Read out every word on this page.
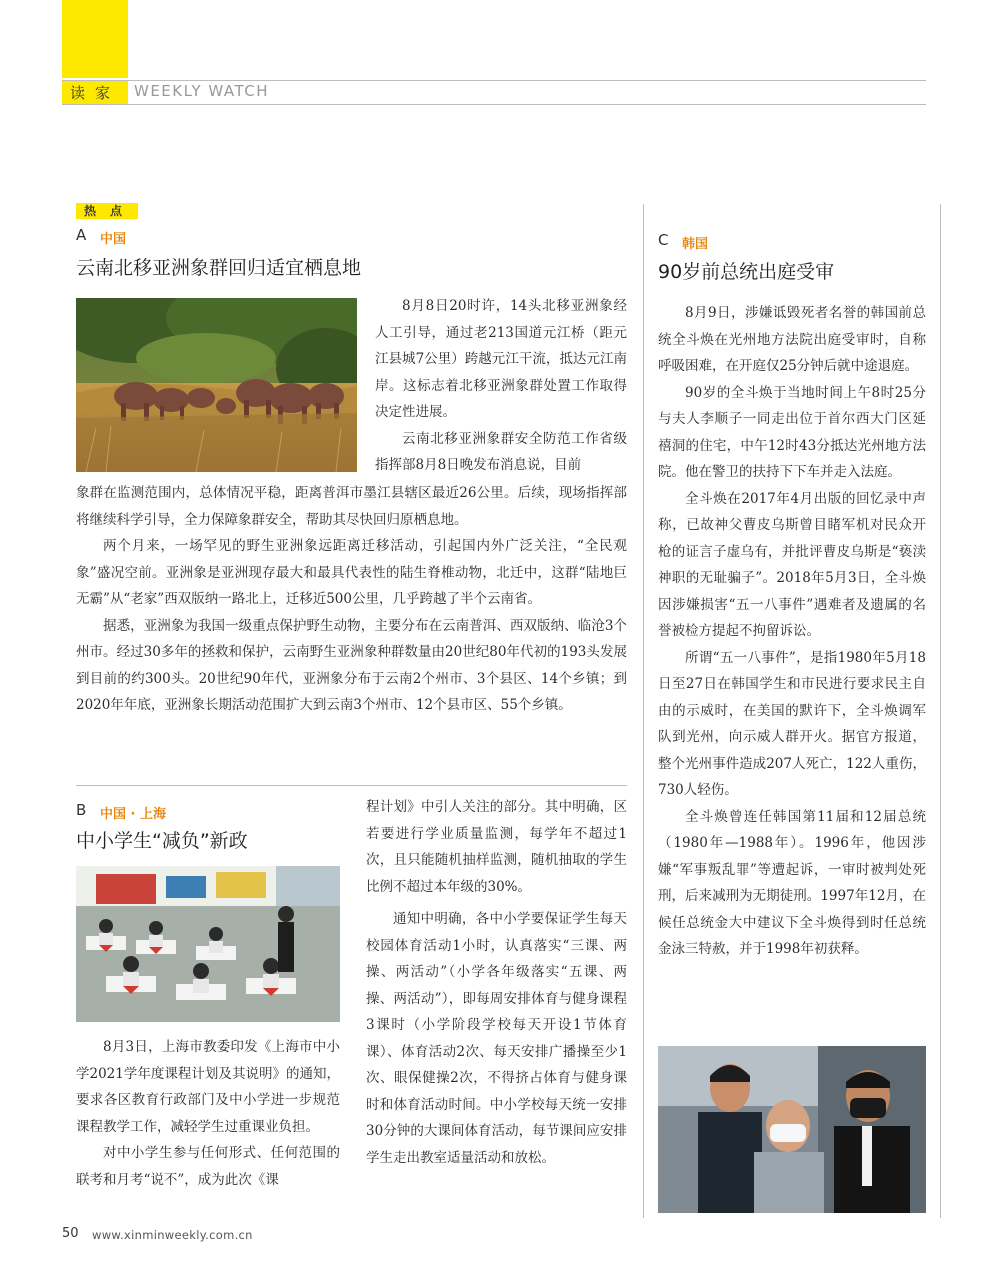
读家 WEEKLY WATCH
热点
A 中国
云南北移亚洲象群回归适宜栖息地

8月8日20时许，14头北移亚洲象经人工引导，通过老213国道元江桥（距元江县城7公里）跨越元江干流，抵达元江南岸。这标志着北移亚洲象群处置工作取得决定性进展。

云南北移亚洲象群安全防范工作省级指挥部8月8日晚发布消息说，目前

象群在监测范围内，总体情况平稳，距离普洱市墨江县辖区最近26公里。后续，现场指挥部将继续科学引导，全力保障象群安全，帮助其尽快回归原栖息地。

两个月来，一场罕见的野生亚洲象远距离迁移活动，引起国内外广泛关注，“全民观象”盛况空前。亚洲象是亚洲现存最大和最具代表性的陆生脊椎动物，北迁中，这群“陆地巨无霸”从“老家”西双版纳一路北上，迁移近500公里，几乎跨越了半个云南省。

据悉，亚洲象为我国一级重点保护野生动物，主要分布在云南普洱、西双版纳、临沧3个州市。经过30多年的拯救和保护，云南野生亚洲象种群数量由20世纪80年代初的193头发展到目前的约300头。20世纪90年代，亚洲象分布于云南2个州市、3个县区、14个乡镇；到2020年年底，亚洲象长期活动范围扩大到云南3个州市、12个县市区、55个乡镇。

B 中国 · 上海
中小学生“减负”新政

8月3日，上海市教委印发《上海市中小学2021学年度课程计划及其说明》的通知，要求各区教育行政部门及中小学进一步规范课程教学工作，减轻学生过重课业负担。

对中小学生参与任何形式、任何范围的联考和月考“说不”，成为此次《课

程计划》中引人关注的部分。其中明确，区若要进行学业质量监测，每学年不超过1次，且只能随机抽样监测，随机抽取的学生比例不超过本年级的30%。

通知中明确，各中小学要保证学生每天校园体育活动1小时，认真落实“三课、两操、两活动”（小学各年级落实“五课、两操、两活动”），即每周安排体育与健身课程3课时（小学阶段学校每天开设1节体育课）、体育活动2次、每天安排广播操至少1次、眼保健操2次，不得挤占体育与健身课时和体育活动时间。中小学校每天统一安排30分钟的大课间体育活动，每节课间应安排学生走出教室适量活动和放松。

C 韩国
90岁前总统出庭受审

8月9日，涉嫌诋毁死者名誉的韩国前总统全斗焕在光州地方法院出庭受审时，自称呼吸困难，在开庭仅25分钟后就中途退庭。

90岁的全斗焕于当地时间上午8时25分与夫人李顺子一同走出位于首尔西大门区延禧洞的住宅，中午12时43分抵达光州地方法院。他在警卫的扶持下下车并走入法庭。

全斗焕在2017年4月出版的回忆录中声称，已故神父曹皮乌斯曾目睹军机对民众开枪的证言子虚乌有，并批评曹皮乌斯是“亵渎神职的无耻骗子”。2018年5月3日，全斗焕因涉嫌损害“五一八事件”遇难者及遗属的名誉被检方提起不拘留诉讼。

所谓“五一八事件”，是指1980年5月18日至27日在韩国学生和市民进行要求民主自由的示威时，在美国的默许下，全斗焕调军队到光州，向示威人群开火。据官方报道，整个光州事件造成207人死亡，122人重伤，730人轻伤。

全斗焕曾连任韩国第11届和12届总统（1980年—1988年）。1996年，他因涉嫌“军事叛乱罪”等遭起诉，一审时被判处死刑，后来减刑为无期徒刑。1997年12月，在候任总统金大中建议下全斗焕得到时任总统金泳三特赦，并于1998年初获释。

50 www.xinminweekly.com.cn
